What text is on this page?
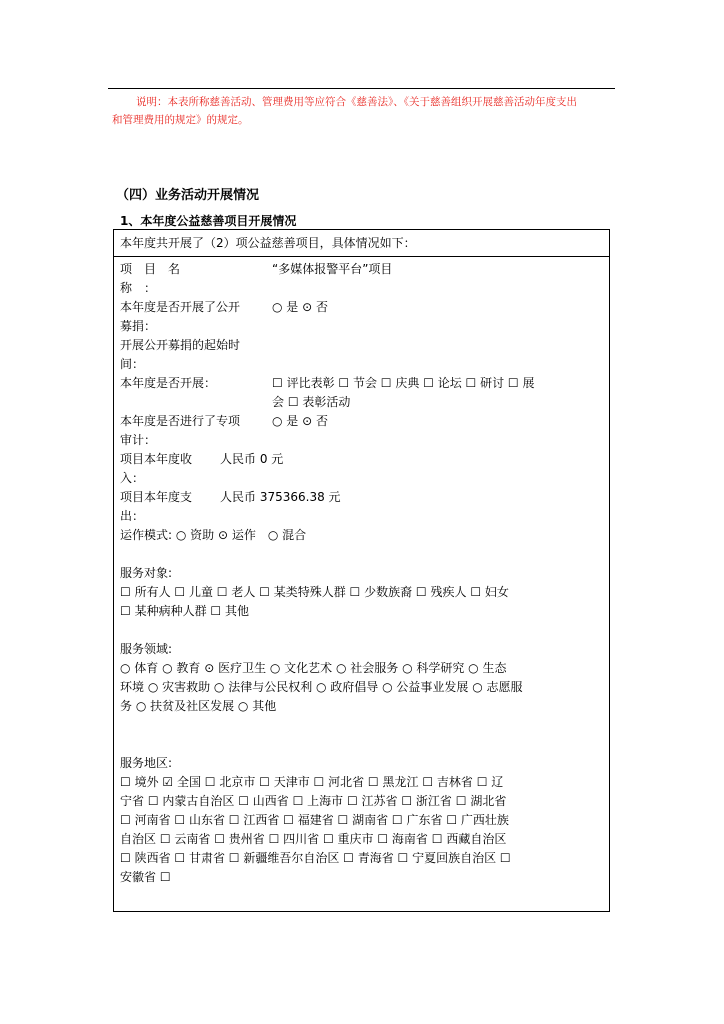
说明：本表所称慈善活动、管理费用等应符合《慈善法》、《关于慈善组织开展慈善活动年度支出
和管理费用的规定》的规定。
（四）业务活动开展情况
1、本年度公益慈善项目开展情况
本年度共开展了（2）项公益慈善项目，具体情况如下：
项　目　名	“多媒体报警平台”项目
称　：
本年度是否开展了公开	○ 是 ⊙ 否
募捐：
开展公开募捐的起始时
间：
本年度是否开展：	☐ 评比表彰 ☐ 节会 ☐ 庆典 ☐ 论坛 ☐ 研讨 ☐ 展
会 ☐ 表彰活动
本年度是否进行了专项	○ 是 ⊙ 否
审计：
项目本年度收	人民币 0 元
入：
项目本年度支	人民币 375366.38 元
出：
运作模式: ○ 资助 ⊙ 运作　○ 混合
服务对象:
☐ 所有人 ☐ 儿童 ☐ 老人 ☐ 某类特殊人群 ☐ 少数族裔 ☐ 残疾人 ☐ 妇女
☐ 某种病种人群 ☐ 其他
服务领域:
○ 体育 ○ 教育 ⊙ 医疗卫生 ○ 文化艺术 ○ 社会服务 ○ 科学研究 ○ 生态
环境 ○ 灾害救助 ○ 法律与公民权利 ○ 政府倡导 ○ 公益事业发展 ○ 志愿服
务 ○ 扶贫及社区发展 ○ 其他
服务地区:
☐ 境外 ☑ 全国 ☐ 北京市 ☐ 天津市 ☐ 河北省 ☐ 黑龙江 ☐ 吉林省 ☐ 辽
宁省 ☐ 内蒙古自治区 ☐ 山西省 ☐ 上海市 ☐ 江苏省 ☐ 浙江省 ☐ 湖北省
☐ 河南省 ☐ 山东省 ☐ 江西省 ☐ 福建省 ☐ 湖南省 ☐ 广东省 ☐ 广西壮族
自治区 ☐ 云南省 ☐ 贵州省 ☐ 四川省 ☐ 重庆市 ☐ 海南省 ☐ 西藏自治区
☐ 陕西省 ☐ 甘肃省 ☐ 新疆维吾尔自治区 ☐ 青海省 ☐ 宁夏回族自治区 ☐
安徽省 ☐
